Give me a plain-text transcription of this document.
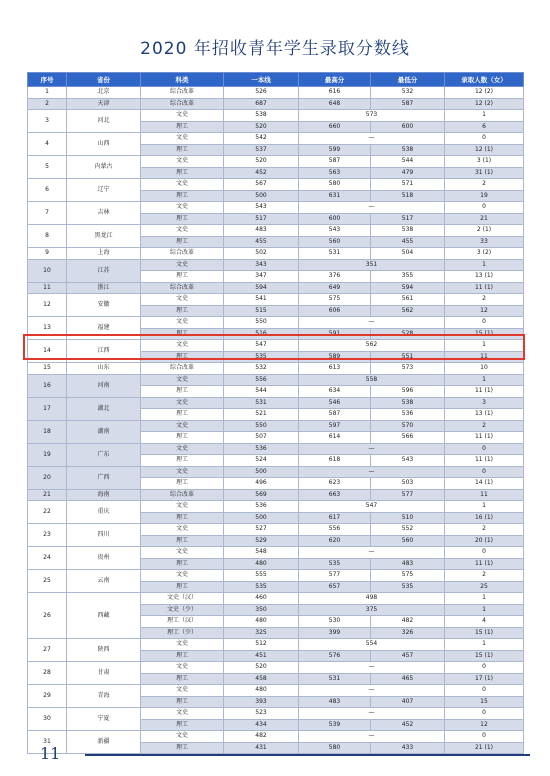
2020 年招收青年学生录取分数线
序号	省份	科类	一本线	最高分	最低分	录取人数（女）
1	北京	综合改革	526	616	532	12 (2)
2	天津	综合改革	687	648	587	12 (2)
3	河北	文史	538	573		1
		理工	520	660	600	6
4	山西	文史	542	—		0
		理工	537	599	538	12 (1)
5	内蒙古	文史	520	587	544	3 (1)
		理工	452	563	479	31 (1)
6	辽宁	文史	567	580	571	2
		理工	500	631	518	19
7	吉林	文史	543	—		0
		理工	517	600	517	21
8	黑龙江	文史	483	543	538	2 (1)
		理工	455	560	455	33
9	上海	综合改革	502	531	504	3 (2)
10	江苏	文史	343	351		1
		理工	347	376	355	13 (1)
11	浙江	综合改革	594	649	594	11 (1)
12	安徽	文史	541	575	561	2
		理工	515	606	562	12
13	福建	文史	550	—		0
		理工	516	591	528	15 (1)
14	江西	文史	547	562		1
		理工	535	589	551	11
15	山东	综合改革	532	613	573	10
16	河南	文史	556	558		1
		理工	544	634	596	11 (1)
17	湖北	文史	531	546	538	3
		理工	521	587	536	13 (1)
18	湖南	文史	550	597	570	2
		理工	507	614	566	11 (1)
19	广东	文史	536	—		0
		理工	524	618	543	11 (1)
20	广西	文史	500	—		0
		理工	496	623	503	14 (1)
21	海南	综合改革	569	663	577	11
22	重庆	文史	536	547		1
		理工	500	617	510	16 (1)
23	四川	文史	527	556	552	2
		理工	529	620	560	20 (1)
24	贵州	文史	548	—		0
		理工	480	535	483	11 (1)
25	云南	文史	555	577	575	2
		理工	535	657	535	25
26	西藏	文史（汉）	460	498		1
		文史（少）	350	375		1
		理工（汉）	480	530	482	4
		理工（少）	325	399	326	15 (1)
27	陕西	文史	512	554		1
		理工	451	576	457	15 (1)
28	甘肃	文史	520	—		0
		理工	458	531	465	17 (1)
29	青海	文史	480	—		0
		理工	393	483	407	15
30	宁夏	文史	523	—		0
		理工	434	539	452	12
31	新疆	文史	482	—		0
		理工	431	580	433	21 (1)
11
